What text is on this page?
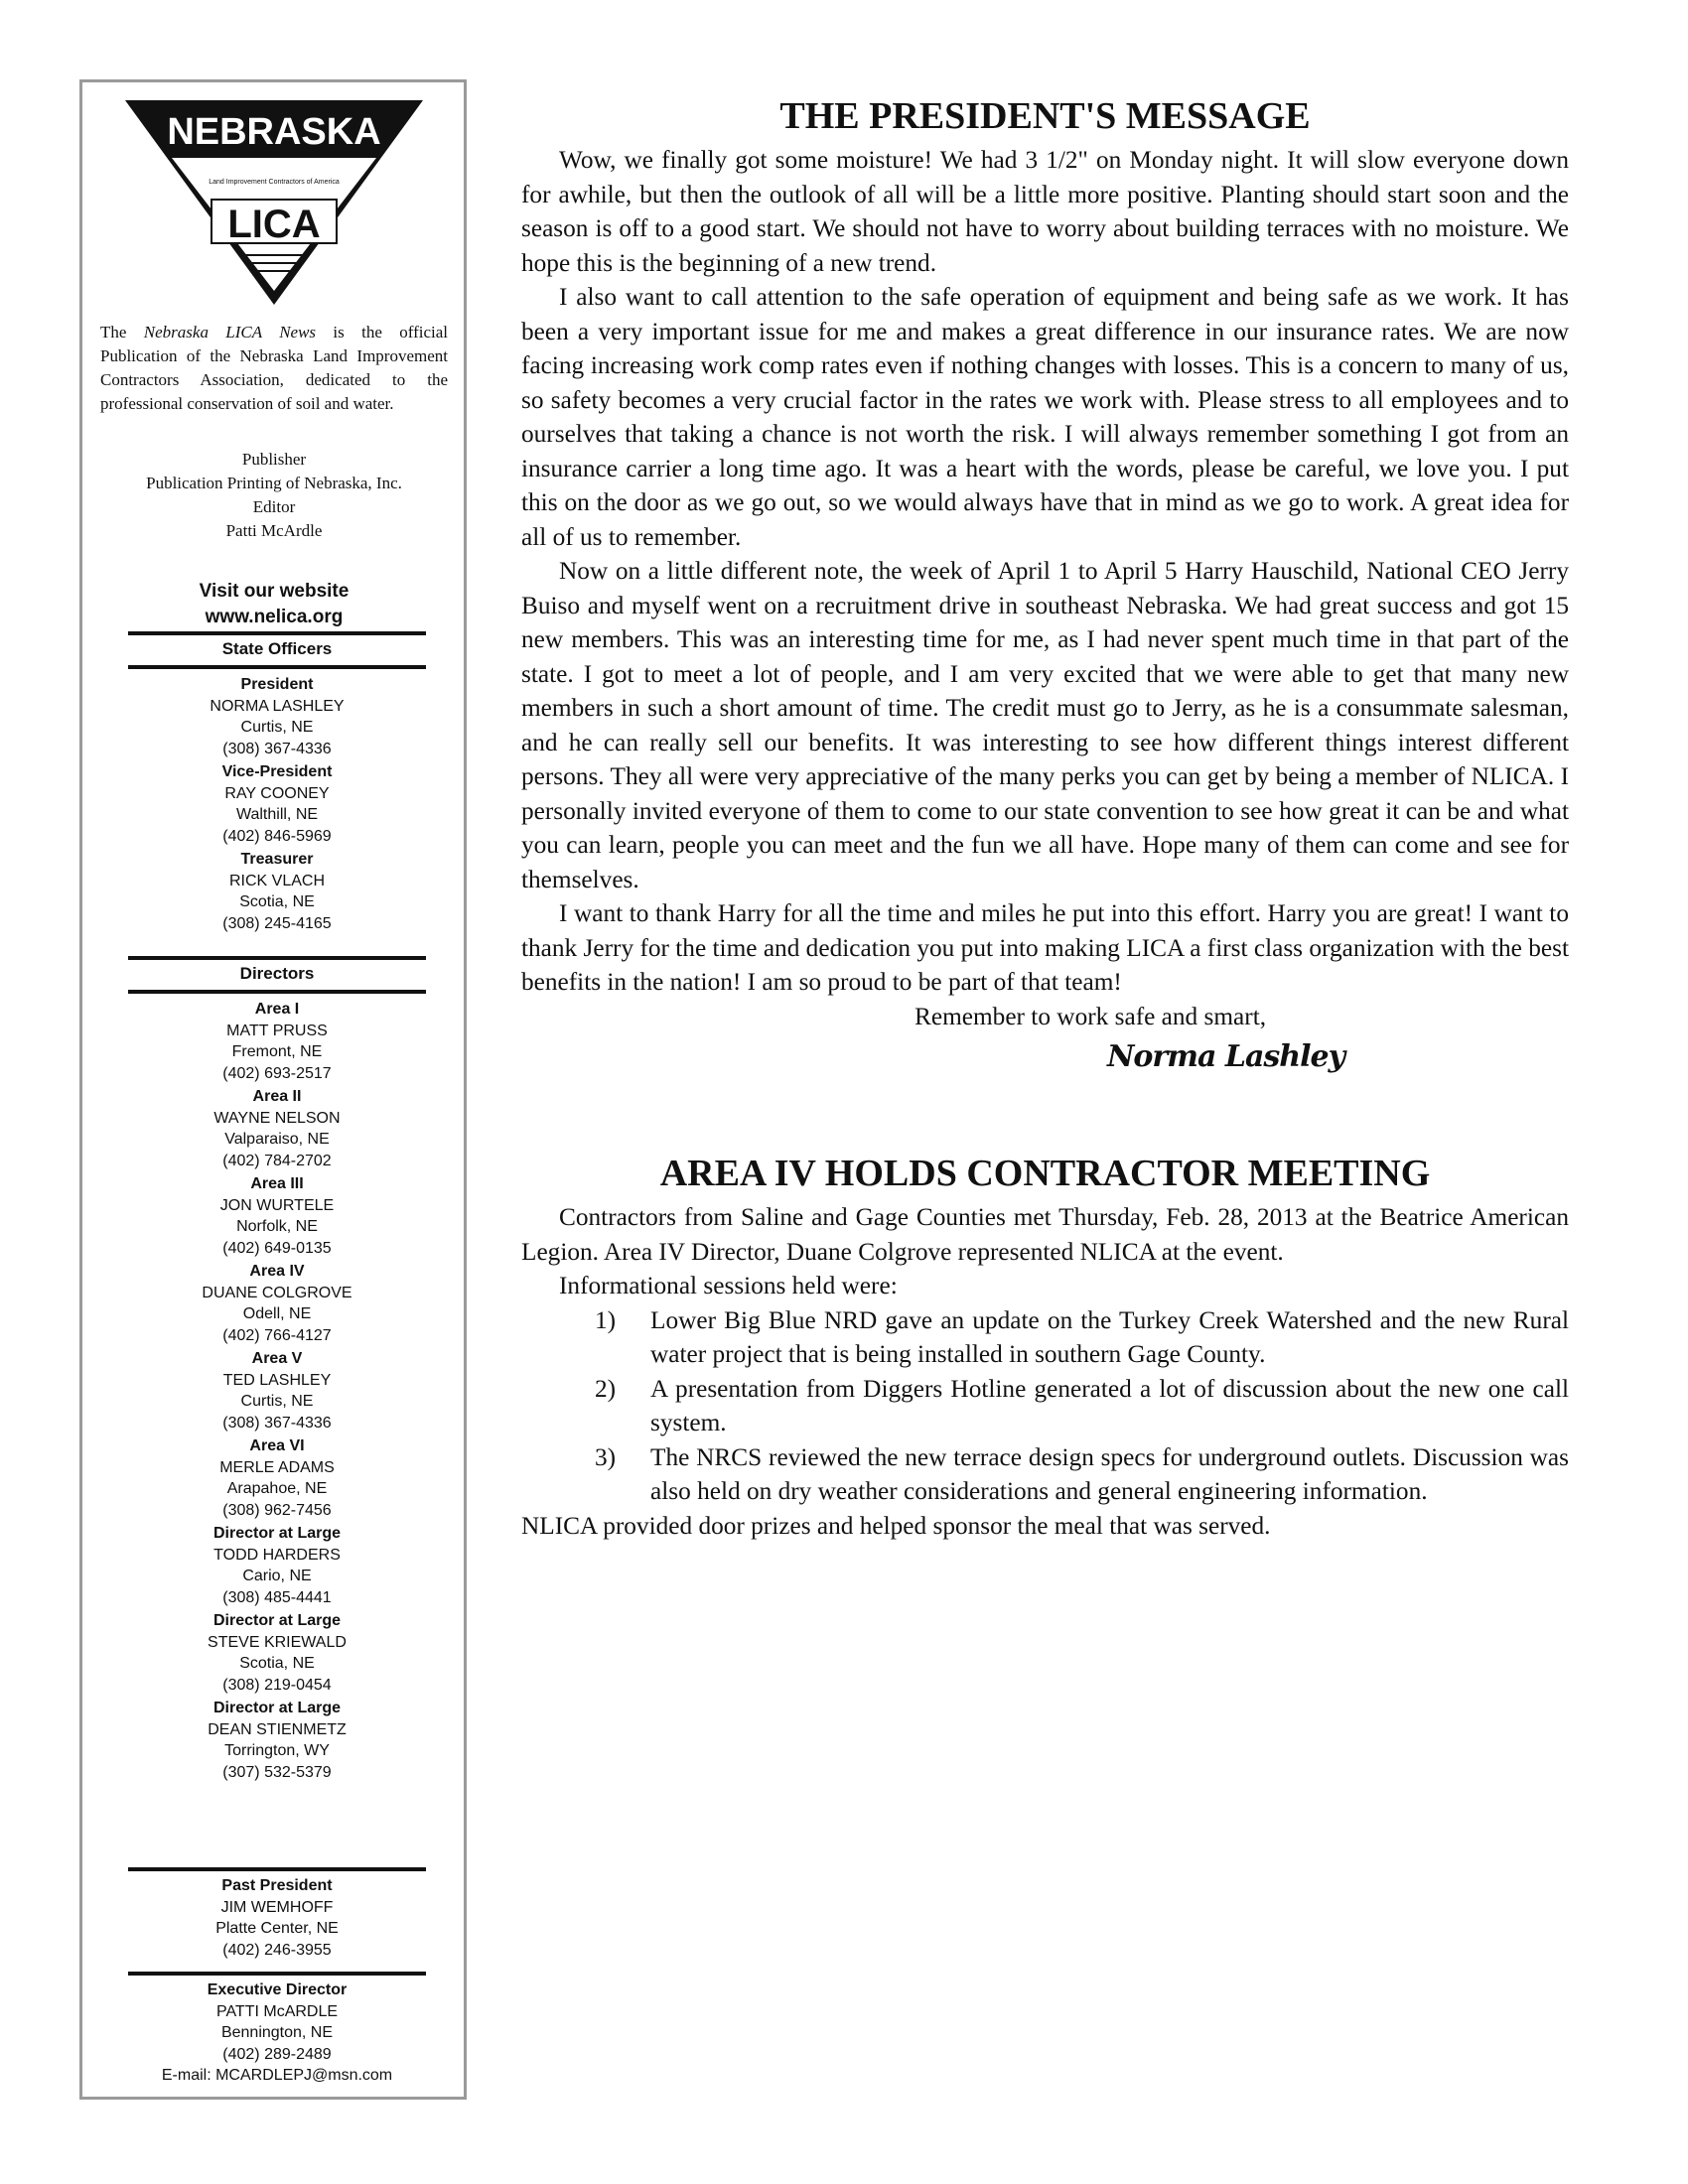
NEBRASKA
Land Improvement Contractors of America
LICA
The Nebraska LICA News is the official Publication of the Nebraska Land Improvement Contractors Association, dedicated to the professional conservation of soil and water.
Publisher
Publication Printing of Nebraska, Inc.
Editor
Patti McArdle
Visit our website
www.nelica.org
State Officers
President
NORMA LASHLEY
Curtis, NE
(308) 367-4336
Vice-President
RAY COONEY
Walthill, NE
(402) 846-5969
Treasurer
RICK VLACH
Scotia, NE
(308) 245-4165
Directors
Area I
MATT PRUSS
Fremont, NE
(402) 693-2517
Area II
WAYNE NELSON
Valparaiso, NE
(402) 784-2702
Area III
JON WURTELE
Norfolk, NE
(402) 649-0135
Area IV
DUANE COLGROVE
Odell, NE
(402) 766-4127
Area V
TED LASHLEY
Curtis, NE
(308) 367-4336
Area VI
MERLE ADAMS
Arapahoe, NE
(308) 962-7456
Director at Large
TODD HARDERS
Cario, NE
(308) 485-4441
Director at Large
STEVE KRIEWALD
Scotia, NE
(308) 219-0454
Director at Large
DEAN STIENMETZ
Torrington, WY
(307) 532-5379
Past President
JIM WEMHOFF
Platte Center, NE
(402) 246-3955
Executive Director
PATTI McARDLE
Bennington, NE
(402) 289-2489
E-mail: MCARDLEPJ@msn.com
THE PRESIDENT'S MESSAGE

Wow, we finally got some moisture! We had 3 1/2" on Monday night. It will slow everyone down for awhile, but then the outlook of all will be a little more positive. Planting should start soon and the season is off to a good start. We should not have to worry about building terraces with no moisture. We hope this is the beginning of a new trend.

I also want to call attention to the safe operation of equipment and being safe as we work. It has been a very important issue for me and makes a great difference in our insurance rates. We are now facing increasing work comp rates even if nothing changes with losses. This is a concern to many of us, so safety becomes a very crucial factor in the rates we work with. Please stress to all employees and to ourselves that taking a chance is not worth the risk. I will always remember something I got from an insurance carrier a long time ago. It was a heart with the words, please be careful, we love you. I put this on the door as we go out, so we would always have that in mind as we go to work. A great idea for all of us to remember.

Now on a little different note, the week of April 1 to April 5 Harry Hauschild, National CEO Jerry Buiso and myself went on a recruitment drive in southeast Nebraska. We had great success and got 15 new members. This was an interesting time for me, as I had never spent much time in that part of the state. I got to meet a lot of people, and I am very excited that we were able to get that many new members in such a short amount of time. The credit must go to Jerry, as he is a consummate salesman, and he can really sell our benefits. It was interesting to see how different things interest different persons. They all were very appreciative of the many perks you can get by being a member of NLICA. I personally invited everyone of them to come to our state convention to see how great it can be and what you can learn, people you can meet and the fun we all have. Hope many of them can come and see for themselves.

I want to thank Harry for all the time and miles he put into this effort. Harry you are great! I want to thank Jerry for the time and dedication you put into making LICA a first class organization with the best benefits in the nation! I am so proud to be part of that team!

Remember to work safe and smart,

Norma Lashley

AREA IV HOLDS CONTRACTOR MEETING

Contractors from Saline and Gage Counties met Thursday, Feb. 28, 2013 at the Beatrice American Legion. Area IV Director, Duane Colgrove represented NLICA at the event.

Informational sessions held were:

1) Lower Big Blue NRD gave an update on the Turkey Creek Watershed and the new Rural water project that is being installed in southern Gage County.
2) A presentation from Diggers Hotline generated a lot of discussion about the new one call system.
3) The NRCS reviewed the new terrace design specs for underground outlets. Discussion was also held on dry weather considerations and general engineering information.

NLICA provided door prizes and helped sponsor the meal that was served.
